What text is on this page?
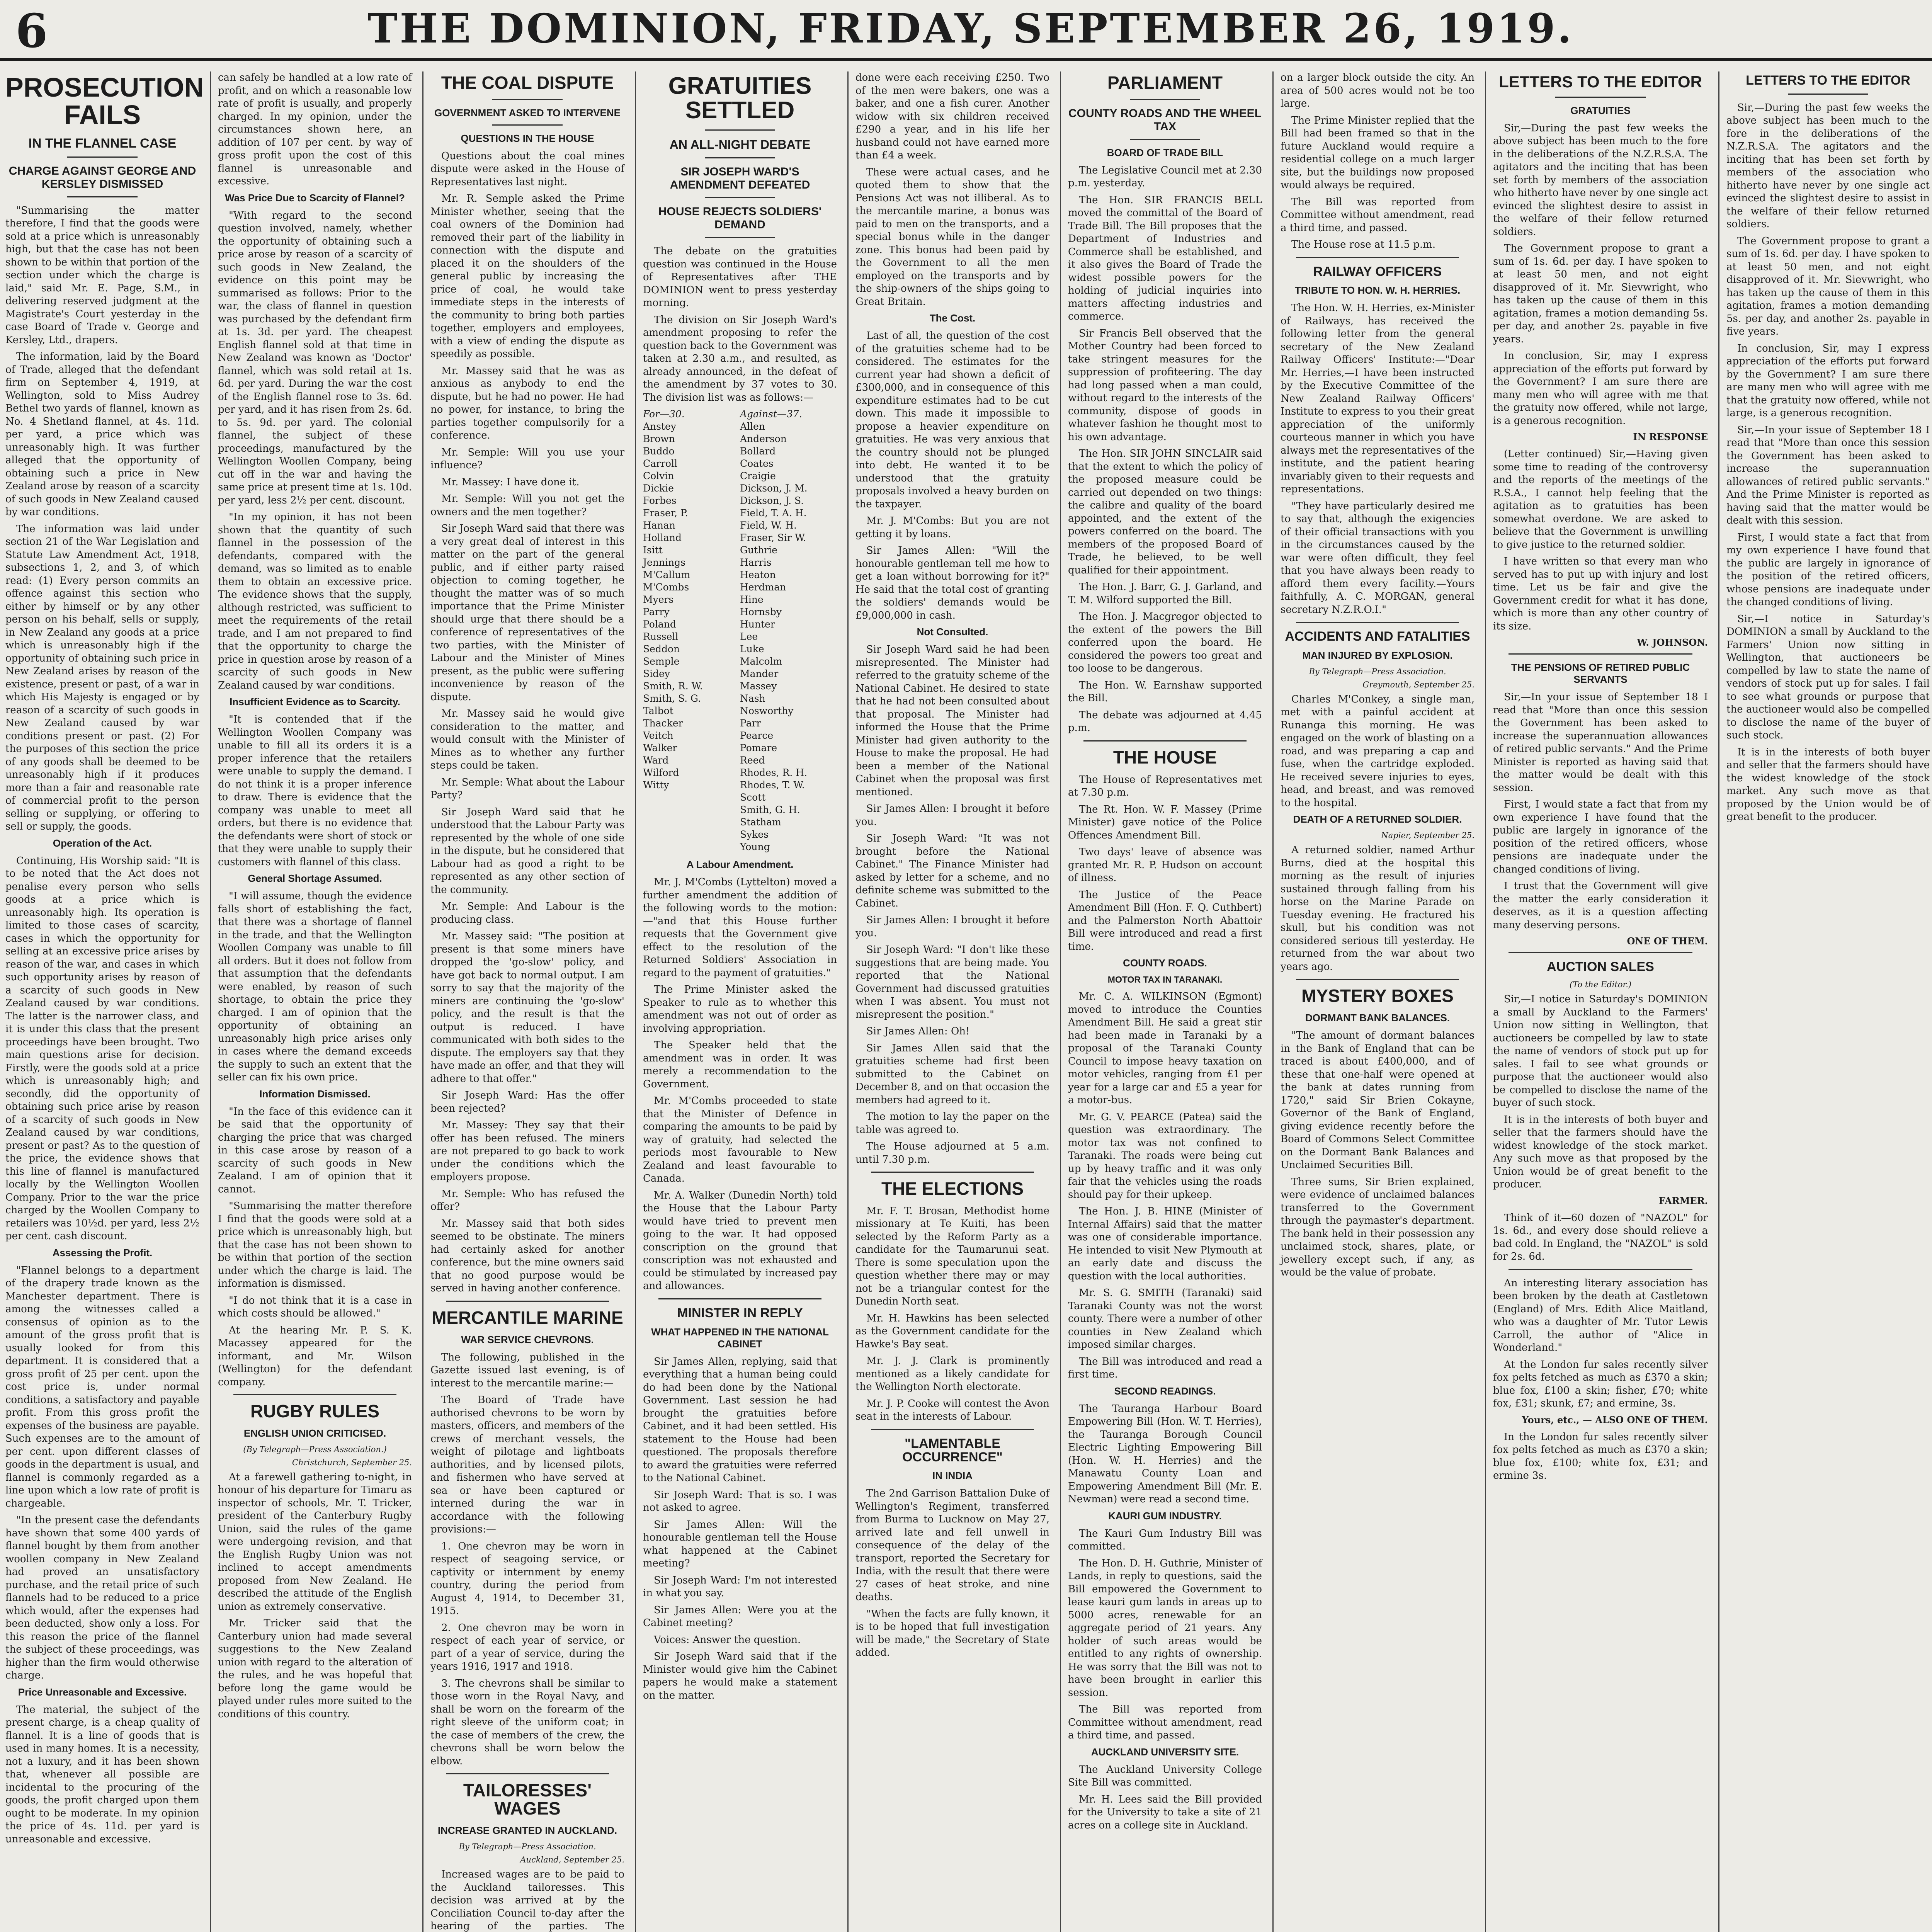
6	THE DOMINION, FRIDAY, SEPTEMBER 26, 1919.
PROSECUTION FAILS
IN THE FLANNEL CASE
CHARGE AGAINST GEORGE AND KERSLEY DISMISSED

"Summarising the matter therefore, I find that the goods were sold at a price which is unreasonably high, but that the case has not been shown to be within that portion of the section under which the charge is laid," said Mr. E. Page, S.M., in delivering reserved judgment at the Magistrate's Court yesterday in the case Board of Trade v. George and Kersley, Ltd., drapers.

The information, laid by the Board of Trade, alleged that the defendant firm on September 4, 1919, at Wellington, sold to Miss Audrey Bethel two yards of flannel, known as No. 4 Shetland flannel, at 4s. 11d. per yard, a price which was unreasonably high. It was further alleged that the opportunity of obtaining such a price in New Zealand arose by reason of a scarcity of such goods in New Zealand caused by war conditions.

The information was laid under section 21 of the War Legislation and Statute Law Amendment Act, 1918, subsections 1, 2, and 3, of which read: (1) Every person commits an offence against this section who either by himself or by any other person on his behalf, sells or supply, in New Zealand any goods at a price which is unreasonably high if the opportunity of obtaining such price in New Zealand arises by reason of the existence, present or past, of a war in which His Majesty is engaged or by reason of a scarcity of such goods in New Zealand caused by war conditions present or past. (2) For the purposes of this section the price of any goods shall be deemed to be unreasonably high if it produces more than a fair and reasonable rate of commercial profit to the person selling or supplying, or offering to sell or supply, the goods.

Operation of the Act.

Continuing, His Worship said: "It is to be noted that the Act does not penalise every person who sells goods at a price which is unreasonably high. Its operation is limited to those cases of scarcity, cases in which the opportunity for selling at an excessive price arises by reason of the war, and cases in which such opportunity arises by reason of a scarcity of such goods in New Zealand caused by war conditions. The latter is the narrower class, and it is under this class that the present proceedings have been brought. Two main questions arise for decision. Firstly, were the goods sold at a price which is unreasonably high; and secondly, did the opportunity of obtaining such price arise by reason of a scarcity of such goods in New Zealand caused by war conditions, present or past? As to the question of the price, the evidence shows that this line of flannel is manufactured locally by the Wellington Woollen Company. Prior to the war the price charged by the Woollen Company to retailers was 10½d. per yard, less 2½ per cent. cash discount.

Assessing the Profit.

"Flannel belongs to a department of the drapery trade known as the Manchester department. There is among the witnesses called a consensus of opinion as to the amount of the gross profit that is usually looked for from this department. It is considered that a gross profit of 25 per cent. upon the cost price is, under normal conditions, a satisfactory and payable profit. From this gross profit the expenses of the business are payable. Such expenses are to the amount of per cent. upon different classes of goods in the department is usual, and flannel is commonly regarded as a line upon which a low rate of profit is chargeable.

"In the present case the defendants have shown that some 400 yards of flannel bought by them from another woollen company in New Zealand had proved an unsatisfactory purchase, and the retail price of such flannels had to be reduced to a price which would, after the expenses had been deducted, show only a loss. For this reason the price of the flannel the subject of these proceedings, was higher than the firm would otherwise charge.

Price Unreasonable and Excessive.

The material, the subject of the present charge, is a cheap quality of flannel. It is a line of goods that is used in many homes. It is a necessity, not a luxury, and it has been shown that, whenever all possible are incidental to the procuring of the goods, the profit charged upon them ought to be moderate. In my opinion the price of 4s. 11d. per yard is unreasonable and excessive.

can safely be handled at a low rate of profit, and on which a reasonable low rate of profit is usually, and properly charged. In my opinion, under the circumstances shown here, an addition of 107 per cent. by way of gross profit upon the cost of this flannel is unreasonable and excessive.

Was Price Due to Scarcity of Flannel?

"With regard to the second question involved, namely, whether the opportunity of obtaining such a price arose by reason of a scarcity of such goods in New Zealand, the evidence on this point may be summarised as follows: Prior to the war, the class of flannel in question was purchased by the defendant firm at 1s. 3d. per yard. The cheapest English flannel sold at that time in New Zealand was known as 'Doctor' flannel, which was sold retail at 1s. 6d. per yard. During the war the cost of the English flannel rose to 3s. 6d. per yard, and it has risen from 2s. 6d. to 5s. 9d. per yard. The colonial flannel, the subject of these proceedings, manufactured by the Wellington Woollen Company, being cut off in the war and having the same price at present time at 1s. 10d. per yard, less 2½ per cent. discount.

"In my opinion, it has not been shown that the quantity of such flannel in the possession of the defendants, compared with the demand, was so limited as to enable them to obtain an excessive price. The evidence shows that the supply, although restricted, was sufficient to meet the requirements of the retail trade, and I am not prepared to find that the opportunity to charge the price in question arose by reason of a scarcity of such goods in New Zealand caused by war conditions.

Insufficient Evidence as to Scarcity.

"It is contended that if the Wellington Woollen Company was unable to fill all its orders it is a proper inference that the retailers were unable to supply the demand. I do not think it is a proper inference to draw. There is evidence that the company was unable to meet all orders, but there is no evidence that the defendants were short of stock or that they were unable to supply their customers with flannel of this class.

General Shortage Assumed.

"I will assume, though the evidence falls short of establishing the fact, that there was a shortage of flannel in the trade, and that the Wellington Woollen Company was unable to fill all orders. But it does not follow from that assumption that the defendants were enabled, by reason of such shortage, to obtain the price they charged. I am of opinion that the opportunity of obtaining an unreasonably high price arises only in cases where the demand exceeds the supply to such an extent that the seller can fix his own price.

Information Dismissed.

"In the face of this evidence can it be said that the opportunity of charging the price that was charged in this case arose by reason of a scarcity of such goods in New Zealand. I am of opinion that it cannot.

"Summarising the matter therefore I find that the goods were sold at a price which is unreasonably high, but that the case has not been shown to be within that portion of the section under which the charge is laid. The information is dismissed.

"I do not think that it is a case in which costs should be allowed."

At the hearing Mr. P. S. K. Macassey appeared for the informant, and Mr. Wilson (Wellington) for the defendant company.

RUGBY RULES
ENGLISH UNION CRITICISED.
(By Telegraph—Press Association.)
Christchurch, September 25.

At a farewell gathering to-night, in honour of his departure for Timaru as inspector of schools, Mr. T. Tricker, president of the Canterbury Rugby Union, said the rules of the game were undergoing revision, and that the English Rugby Union was not inclined to accept amendments proposed from New Zealand. He described the attitude of the English union as extremely conservative.

Mr. Tricker said that the Canterbury union had made several suggestions to the New Zealand union with regard to the alteration of the rules, and he was hopeful that before long the game would be played under rules more suited to the conditions of this country.

THE COAL DISPUTE
GOVERNMENT ASKED TO INTERVENE
QUESTIONS IN THE HOUSE

Questions about the coal mines dispute were asked in the House of Representatives last night.

Mr. R. Semple asked the Prime Minister whether, seeing that the coal owners of the Dominion had removed their part of the liability in connection with the dispute and placed it on the shoulders of the general public by increasing the price of coal, he would take immediate steps in the interests of the community to bring both parties together, employers and employees, with a view of ending the dispute as speedily as possible.

Mr. Massey said that he was as anxious as anybody to end the dispute, but he had no power. He had no power, for instance, to bring the parties together compulsorily for a conference.

Mr. Semple: Will you use your influence?

Mr. Massey: I have done it.

Mr. Semple: Will you not get the owners and the men together?

Sir Joseph Ward said that there was a very great deal of interest in this matter on the part of the general public, and if either party raised objection to coming together, he thought the matter was of so much importance that the Prime Minister should urge that there should be a conference of representatives of the two parties, with the Minister of Labour and the Minister of Mines present, as the public were suffering inconvenience by reason of the dispute.

Mr. Massey said he would give consideration to the matter, and would consult with the Minister of Mines as to whether any further steps could be taken.

Mr. Semple: What about the Labour Party?

Sir Joseph Ward said that he understood that the Labour Party was represented by the whole of one side in the dispute, but he considered that Labour had as good a right to be represented as any other section of the community.

Mr. Semple: And Labour is the producing class.

Mr. Massey said: "The position at present is that some miners have dropped the 'go-slow' policy, and have got back to normal output. I am sorry to say that the majority of the miners are continuing the 'go-slow' policy, and the result is that the output is reduced. I have communicated with both sides to the dispute. The employers say that they have made an offer, and that they will adhere to that offer."

Sir Joseph Ward: Has the offer been rejected?

Mr. Massey: They say that their offer has been refused. The miners are not prepared to go back to work under the conditions which the employers propose.

Mr. Semple: Who has refused the offer?

Mr. Massey said that both sides seemed to be obstinate. The miners had certainly asked for another conference, but the mine owners said that no good purpose would be served in having another conference.

MERCANTILE MARINE
WAR SERVICE CHEVRONS.

The following, published in the Gazette issued last evening, is of interest to the mercantile marine:—

The Board of Trade have authorised chevrons to be worn by masters, officers, and members of the crews of merchant vessels, the weight of pilotage and lightboats authorities, and by licensed pilots, and fishermen who have served at sea or have been captured or interned during the war in accordance with the following provisions:—

1. One chevron may be worn in respect of seagoing service, or captivity or internment by enemy country, during the period from August 4, 1914, to December 31, 1915.

2. One chevron may be worn in respect of each year of service, or part of a year of service, during the years 1916, 1917 and 1918.

3. The chevrons shall be similar to those worn in the Royal Navy, and shall be worn on the forearm of the right sleeve of the uniform coat; in the case of members of the crew, the chevrons shall be worn below the elbow.

TAILORESSES' WAGES
INCREASE GRANTED IN AUCKLAND.
By Telegraph—Press Association.
Auckland, September 25.

Increased wages are to be paid to the Auckland tailoresses. This decision was arrived at by the Conciliation Council to-day after the hearing of the parties. The

GRATUITIES SETTLED
AN ALL-NIGHT DEBATE
SIR JOSEPH WARD'S AMENDMENT DEFEATED
HOUSE REJECTS SOLDIERS' DEMAND

The debate on the gratuities question was continued in the House of Representatives after THE DOMINION went to press yesterday morning.

The division on Sir Joseph Ward's amendment proposing to refer the question back to the Government was taken at 2.30 a.m., and resulted, as already announced, in the defeat of the amendment by 37 votes to 30. The division list was as follows:—

For—30.
Anstey
Brown
Buddo
Carroll
Colvin
Dickie
Forbes
Fraser, P.
Hanan
Holland
Isitt
Jennings
M'Callum
M'Combs
Myers
Parry
Poland
Russell
Seddon
Semple
Sidey
Smith, R. W.
Smith, S. G.
Talbot
Thacker
Veitch
Walker
Ward
Wilford
Witty
Against—37.
Allen
Anderson
Bollard
Coates
Craigie
Dickson, J. M.
Dickson, J. S.
Field, T. A. H.
Field, W. H.
Fraser, Sir W.
Guthrie
Harris
Heaton
Herdman
Hine
Hornsby
Hunter
Lee
Luke
Malcolm
Mander
Massey
Nash
Nosworthy
Parr
Pearce
Pomare
Reed
Rhodes, R. H.
Rhodes, T. W.
Scott
Smith, G. H.
Statham
Sykes
Young
A Labour Amendment.

Mr. J. M'Combs (Lyttelton) moved a further amendment the addition of the following words to the motion:—"and that this House further requests that the Government give effect to the resolution of the Returned Soldiers' Association in regard to the payment of gratuities."

The Prime Minister asked the Speaker to rule as to whether this amendment was not out of order as involving appropriation.

The Speaker held that the amendment was in order. It was merely a recommendation to the Government.

Mr. M'Combs proceeded to state that the Minister of Defence in comparing the amounts to be paid by way of gratuity, had selected the periods most favourable to New Zealand and least favourable to Canada.

Mr. A. Walker (Dunedin North) told the House that the Labour Party would have tried to prevent men going to the war. It had opposed conscription on the ground that conscription was not exhausted and could be stimulated by increased pay and allowances.

MINISTER IN REPLY
WHAT HAPPENED IN THE NATIONAL CABINET

Sir James Allen, replying, said that everything that a human being could do had been done by the National Government. Last session he had brought the gratuities before Cabinet, and it had been settled. His statement to the House had been questioned. The proposals therefore to award the gratuities were referred to the National Cabinet.

Sir Joseph Ward: That is so. I was not asked to agree.

Sir James Allen: Will the honourable gentleman tell the House what happened at the Cabinet meeting?

Sir Joseph Ward: I'm not interested in what you say.

Sir James Allen: Were you at the Cabinet meeting?

Voices: Answer the question.

Sir Joseph Ward said that if the Minister would give him the Cabinet papers he would make a statement on the matter.

done were each receiving £250. Two of the men were bakers, one was a baker, and one a fish curer. Another widow with six children received £290 a year, and in his life her husband could not have earned more than £4 a week.

These were actual cases, and he quoted them to show that the Pensions Act was not illiberal. As to the mercantile marine, a bonus was paid to men on the transports, and a special bonus while in the danger zone. This bonus had been paid by the Government to all the men employed on the transports and by the ship-owners of the ships going to Great Britain.

The Cost.

Last of all, the question of the cost of the gratuities scheme had to be considered. The estimates for the current year had shown a deficit of £300,000, and in consequence of this expenditure estimates had to be cut down. This made it impossible to propose a heavier expenditure on gratuities. He was very anxious that the country should not be plunged into debt. He wanted it to be understood that the gratuity proposals involved a heavy burden on the taxpayer.

Mr. J. M'Combs: But you are not getting it by loans.

Sir James Allen: "Will the honourable gentleman tell me how to get a loan without borrowing for it?" He said that the total cost of granting the soldiers' demands would be £9,000,000 in cash.

Not Consulted.

Sir Joseph Ward said he had been misrepresented. The Minister had referred to the gratuity scheme of the National Cabinet. He desired to state that he had not been consulted about that proposal. The Minister had informed the House that the Prime Minister had given authority to the House to make the proposal. He had been a member of the National Cabinet when the proposal was first mentioned.

Sir James Allen: I brought it before you.

Sir Joseph Ward: "It was not brought before the National Cabinet." The Finance Minister had asked by letter for a scheme, and no definite scheme was submitted to the Cabinet.

Sir James Allen: I brought it before you.

Sir Joseph Ward: "I don't like these suggestions that are being made. You reported that the National Government had discussed gratuities when I was absent. You must not misrepresent the position."

Sir James Allen: Oh!

Sir James Allen said that the gratuities scheme had first been submitted to the Cabinet on December 8, and on that occasion the members had agreed to it.

The motion to lay the paper on the table was agreed to.

The House adjourned at 5 a.m. until 7.30 p.m.

THE ELECTIONS

Mr. F. T. Brosan, Methodist home missionary at Te Kuiti, has been selected by the Reform Party as a candidate for the Taumarunui seat. There is some speculation upon the question whether there may or may not be a triangular contest for the Dunedin North seat.

Mr. H. Hawkins has been selected as the Government candidate for the Hawke's Bay seat.

Mr. J. J. Clark is prominently mentioned as a likely candidate for the Wellington North electorate.

Mr. J. P. Cooke will contest the Avon seat in the interests of Labour.

"LAMENTABLE OCCURRENCE"
IN INDIA

The 2nd Garrison Battalion Duke of Wellington's Regiment, transferred from Burma to Lucknow on May 27, arrived late and fell unwell in consequence of the delay of the transport, reported the Secretary for India, with the result that there were 27 cases of heat stroke, and nine deaths.

"When the facts are fully known, it is to be hoped that full investigation will be made," the Secretary of State added.

PARLIAMENT
COUNTY ROADS AND THE WHEEL TAX
BOARD OF TRADE BILL

The Legislative Council met at 2.30 p.m. yesterday.

The Hon. SIR FRANCIS BELL moved the committal of the Board of Trade Bill. The Bill proposes that the Department of Industries and Commerce shall be established, and it also gives the Board of Trade the widest possible powers for the holding of judicial inquiries into matters affecting industries and commerce.

Sir Francis Bell observed that the Mother Country had been forced to take stringent measures for the suppression of profiteering. The day had long passed when a man could, without regard to the interests of the community, dispose of goods in whatever fashion he thought most to his own advantage.

The Hon. SIR JOHN SINCLAIR said that the extent to which the policy of the proposed measure could be carried out depended on two things: the calibre and quality of the board appointed, and the extent of the powers conferred on the board. The members of the proposed Board of Trade, he believed, to be well qualified for their appointment.

The Hon. J. Barr, G. J. Garland, and T. M. Wilford supported the Bill.

The Hon. J. Macgregor objected to the extent of the powers the Bill conferred upon the board. He considered the powers too great and too loose to be dangerous.

The Hon. W. Earnshaw supported the Bill.

The debate was adjourned at 4.45 p.m.

THE HOUSE

The House of Representatives met at 7.30 p.m.

The Rt. Hon. W. F. Massey (Prime Minister) gave notice of the Police Offences Amendment Bill.

Two days' leave of absence was granted Mr. R. P. Hudson on account of illness.

The Justice of the Peace Amendment Bill (Hon. F. Q. Cuthbert) and the Palmerston North Abattoir Bill were introduced and read a first time.

COUNTY ROADS.
MOTOR TAX IN TARANAKI.

Mr. C. A. WILKINSON (Egmont) moved to introduce the Counties Amendment Bill. He said a great stir had been made in Taranaki by a proposal of the Taranaki County Council to impose heavy taxation on motor vehicles, ranging from £1 per year for a large car and £5 a year for a motor-bus.

Mr. G. V. PEARCE (Patea) said the question was extraordinary. The motor tax was not confined to Taranaki. The roads were being cut up by heavy traffic and it was only fair that the vehicles using the roads should pay for their upkeep.

The Hon. J. B. HINE (Minister of Internal Affairs) said that the matter was one of considerable importance. He intended to visit New Plymouth at an early date and discuss the question with the local authorities.

Mr. S. G. SMITH (Taranaki) said Taranaki County was not the worst county. There were a number of other counties in New Zealand which imposed similar charges.

The Bill was introduced and read a first time.

SECOND READINGS.

The Tauranga Harbour Board Empowering Bill (Hon. W. T. Herries), the Tauranga Borough Council Electric Lighting Empowering Bill (Hon. W. H. Herries) and the Manawatu County Loan and Empowering Amendment Bill (Mr. E. Newman) were read a second time.

KAURI GUM INDUSTRY.

The Kauri Gum Industry Bill was committed.

The Hon. D. H. Guthrie, Minister of Lands, in reply to questions, said the Bill empowered the Government to lease kauri gum lands in areas up to 5000 acres, renewable for an aggregate period of 21 years. Any holder of such areas would be entitled to any rights of ownership. He was sorry that the Bill was not to have been brought in earlier this session.

The Bill was reported from Committee without amendment, read a third time, and passed.

AUCKLAND UNIVERSITY SITE.

The Auckland University College Site Bill was committed.

Mr. H. Lees said the Bill provided for the University to take a site of 21 acres on a college site in Auckland.

on a larger block outside the city. An area of 500 acres would not be too large.

The Prime Minister replied that the Bill had been framed so that in the future Auckland would require a residential college on a much larger site, but the buildings now proposed would always be required.

The Bill was reported from Committee without amendment, read a third time, and passed.

The House rose at 11.5 p.m.

RAILWAY OFFICERS
TRIBUTE TO HON. W. H. HERRIES.

The Hon. W. H. Herries, ex-Minister of Railways, has received the following letter from the general secretary of the New Zealand Railway Officers' Institute:—"Dear Mr. Herries,—I have been instructed by the Executive Committee of the New Zealand Railway Officers' Institute to express to you their great appreciation of the uniformly courteous manner in which you have always met the representatives of the institute, and the patient hearing invariably given to their requests and representations.

"They have particularly desired me to say that, although the exigencies of their official transactions with you in the circumstances caused by the war were often difficult, they feel that you have always been ready to afford them every facility.—Yours faithfully, A. C. MORGAN, general secretary N.Z.R.O.I."

ACCIDENTS AND FATALITIES
MAN INJURED BY EXPLOSION.
By Telegraph—Press Association.
Greymouth, September 25.

Charles M'Conkey, a single man, met with a painful accident at Runanga this morning. He was engaged on the work of blasting on a road, and was preparing a cap and fuse, when the cartridge exploded. He received severe injuries to eyes, head, and breast, and was removed to the hospital.

DEATH OF A RETURNED SOLDIER.
Napier, September 25.

A returned soldier, named Arthur Burns, died at the hospital this morning as the result of injuries sustained through falling from his horse on the Marine Parade on Tuesday evening. He fractured his skull, but his condition was not considered serious till yesterday. He returned from the war about two years ago.

MYSTERY BOXES
DORMANT BANK BALANCES.

"The amount of dormant balances in the Bank of England that can be traced is about £400,000, and of these that one-half were opened at the bank at dates running from 1720," said Sir Brien Cokayne, Governor of the Bank of England, giving evidence recently before the Board of Commons Select Committee on the Dormant Bank Balances and Unclaimed Securities Bill.

Three sums, Sir Brien explained, were evidence of unclaimed balances transferred to the Government through the paymaster's department. The bank held in their possession any unclaimed stock, shares, plate, or jewellery except such, if any, as would be the value of probate.

LETTERS TO THE EDITOR
GRATUITIES

Sir,—During the past few weeks the above subject has been much to the fore in the deliberations of the N.Z.R.S.A. The agitators and the inciting that has been set forth by members of the association who hitherto have never by one single act evinced the slightest desire to assist in the welfare of their fellow returned soldiers.

The Government propose to grant a sum of 1s. 6d. per day. I have spoken to at least 50 men, and not eight disapproved of it. Mr. Sievwright, who has taken up the cause of them in this agitation, frames a motion demanding 5s. per day, and another 2s. payable in five years.

In conclusion, Sir, may I express appreciation of the efforts put forward by the Government? I am sure there are many men who will agree with me that the gratuity now offered, while not large, is a generous recognition.

IN RESPONSE

(Letter continued) Sir,—Having given some time to reading of the controversy and the reports of the meetings of the R.S.A., I cannot help feeling that the agitation as to gratuities has been somewhat overdone. We are asked to believe that the Government is unwilling to give justice to the returned soldier.

I have written so that every man who served has to put up with injury and lost time. Let us be fair and give the Government credit for what it has done, which is more than any other country of its size.

W. JOHNSON.
THE PENSIONS OF RETIRED PUBLIC SERVANTS

Sir,—In your issue of September 18 I read that "More than once this session the Government has been asked to increase the superannuation allowances of retired public servants." And the Prime Minister is reported as having said that the matter would be dealt with this session.

First, I would state a fact that from my own experience I have found that the public are largely in ignorance of the position of the retired officers, whose pensions are inadequate under the changed conditions of living.

I trust that the Government will give the matter the early consideration it deserves, as it is a question affecting many deserving persons.

ONE OF THEM.
AUCTION SALES
(To the Editor.)

Sir,—I notice in Saturday's DOMINION a small by Auckland to the Farmers' Union now sitting in Wellington, that auctioneers be compelled by law to state the name of vendors of stock put up for sales. I fail to see what grounds or purpose that the auctioneer would also be compelled to disclose the name of the buyer of such stock.

It is in the interests of both buyer and seller that the farmers should have the widest knowledge of the stock market. Any such move as that proposed by the Union would be of great benefit to the producer.

FARMER.

Think of it—60 dozen of "NAZOL" for 1s. 6d., and every dose should relieve a bad cold. In England, the "NAZOL" is sold for 2s. 6d.

An interesting literary association has been broken by the death at Castletown (England) of Mrs. Edith Alice Maitland, who was a daughter of Mr. Tutor Lewis Carroll, the author of "Alice in Wonderland."

At the London fur sales recently silver fox pelts fetched as much as £370 a skin; blue fox, £100 a skin; fisher, £70; white fox, £31; skunk, £7; and ermine, 3s.

Yours, etc., — ALSO ONE OF THEM.

In the London fur sales recently silver fox pelts fetched as much as £370 a skin; blue fox, £100; white fox, £31; and ermine 3s.

LETTERS TO THE EDITOR

Sir,—During the past few weeks the above subject has been much to the fore in the deliberations of the N.Z.R.S.A. The agitators and the inciting that has been set forth by members of the association who hitherto have never by one single act evinced the slightest desire to assist in the welfare of their fellow returned soldiers.

The Government propose to grant a sum of 1s. 6d. per day. I have spoken to at least 50 men, and not eight disapproved of it. Mr. Sievwright, who has taken up the cause of them in this agitation, frames a motion demanding 5s. per day, and another 2s. payable in five years.

In conclusion, Sir, may I express appreciation of the efforts put forward by the Government? I am sure there are many men who will agree with me that the gratuity now offered, while not large, is a generous recognition.

Sir,—In your issue of September 18 I read that "More than once this session the Government has been asked to increase the superannuation allowances of retired public servants." And the Prime Minister is reported as having said that the matter would be dealt with this session.

First, I would state a fact that from my own experience I have found that the public are largely in ignorance of the position of the retired officers, whose pensions are inadequate under the changed conditions of living.

Sir,—I notice in Saturday's DOMINION a small by Auckland to the Farmers' Union now sitting in Wellington, that auctioneers be compelled by law to state the name of vendors of stock put up for sales. I fail to see what grounds or purpose that the auctioneer would also be compelled to disclose the name of the buyer of such stock.

It is in the interests of both buyer and seller that the farmers should have the widest knowledge of the stock market. Any such move as that proposed by the Union would be of great benefit to the producer.
